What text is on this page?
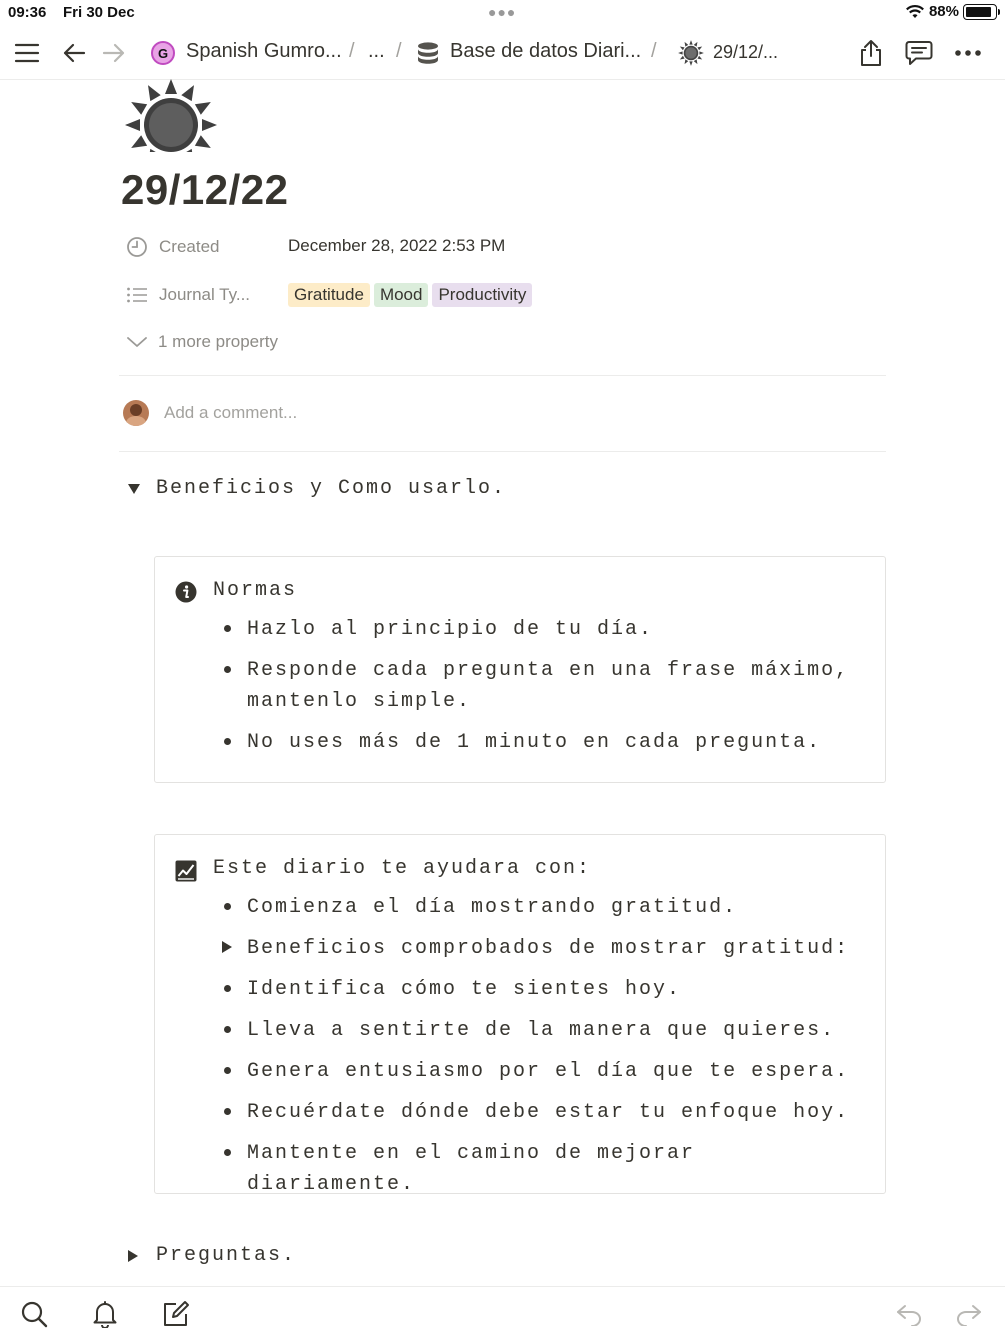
09:36 Fri 30 Dec	●●●	88%
Spanish Gumro... / ... / Base de datos Diari... /	29/12/...
G
29/12/22
Created	December 28, 2022 2:53 PM
Journal Ty...	Gratitude Mood Productivity
1 more property
Add a comment...
Beneficios y Como usarlo.
Normas
Hazlo al principio de tu día.
Responde cada pregunta en una frase máximo, mantenlo simple.
No uses más de 1 minuto en cada pregunta.
Este diario te ayudara con:
Comienza el día mostrando gratitud.
Beneficios comprobados de mostrar gratitud:
Identifica cómo te sientes hoy.
Lleva a sentirte de la manera que quieres.
Genera entusiasmo por el día que te espera.
Recuérdate dónde debe estar tu enfoque hoy.
Mantente en el camino de mejorar diariamente.
Preguntas.
